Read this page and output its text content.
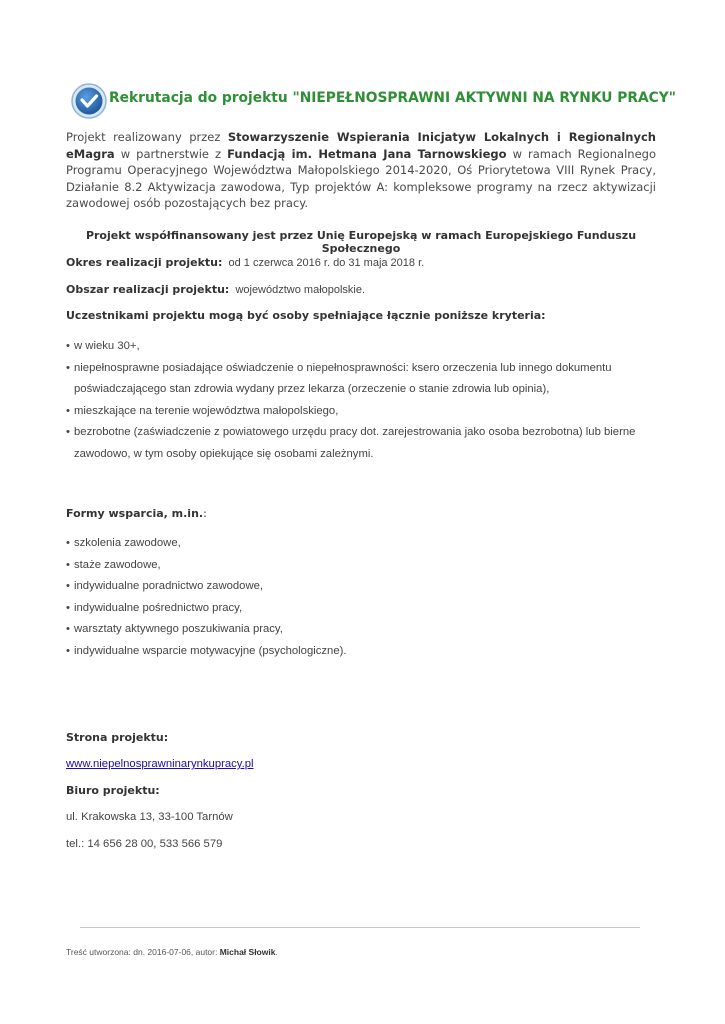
Rekrutacja do projektu "NIEPEŁNOSPRAWNI AKTYWNI NA RYNKU PRACY"

Projekt realizowany przez Stowarzyszenie Wspierania Inicjatyw Lokalnych i Regionalnych eMagra w partnerstwie z Fundacją im. Hetmana Jana Tarnowskiego w ramach Regionalnego Programu Operacyjnego Województwa Małopolskiego 2014-2020, Oś Priorytetowa VIII Rynek Pracy, Działanie 8.2 Aktywizacja zawodowa, Typ projektów A: kompleksowe programy na rzecz aktywizacji zawodowej osób pozostających bez pracy.

Projekt współfinansowany jest przez Unię Europejską w ramach Europejskiego Funduszu Społecznego

Okres realizacji projektu: od 1 czerwca 2016 r. do 31 maja 2018 r.

Obszar realizacji projektu: województwo małopolskie.

Uczestnikami projektu mogą być osoby spełniające łącznie poniższe kryteria:

• w wieku 30+,
• niepełnosprawne posiadające oświadczenie o niepełnosprawności: ksero orzeczenia lub innego dokumentu poświadczającego stan zdrowia wydany przez lekarza (orzeczenie o stanie zdrowia lub opinia),
• mieszkające na terenie województwa małopolskiego,
• bezrobotne (zaświadczenie z powiatowego urzędu pracy dot. zarejestrowania jako osoba bezrobotna) lub bierne zawodowo, w tym osoby opiekujące się osobami zależnymi.

Formy wsparcia, m.in.:

• szkolenia zawodowe,
• staże zawodowe,
• indywidualne poradnictwo zawodowe,
• indywidualne pośrednictwo pracy,
• warsztaty aktywnego poszukiwania pracy,
• indywidualne wsparcie motywacyjne (psychologiczne).

Strona projektu:

www.niepelnosprawninarynkupracy.pl

Biuro projektu:

ul. Krakowska 13, 33-100 Tarnów

tel.: 14 656 28 00, 533 566 579

Treść utworzona: dn. 2016-07-06, autor: Michał Słowik.
